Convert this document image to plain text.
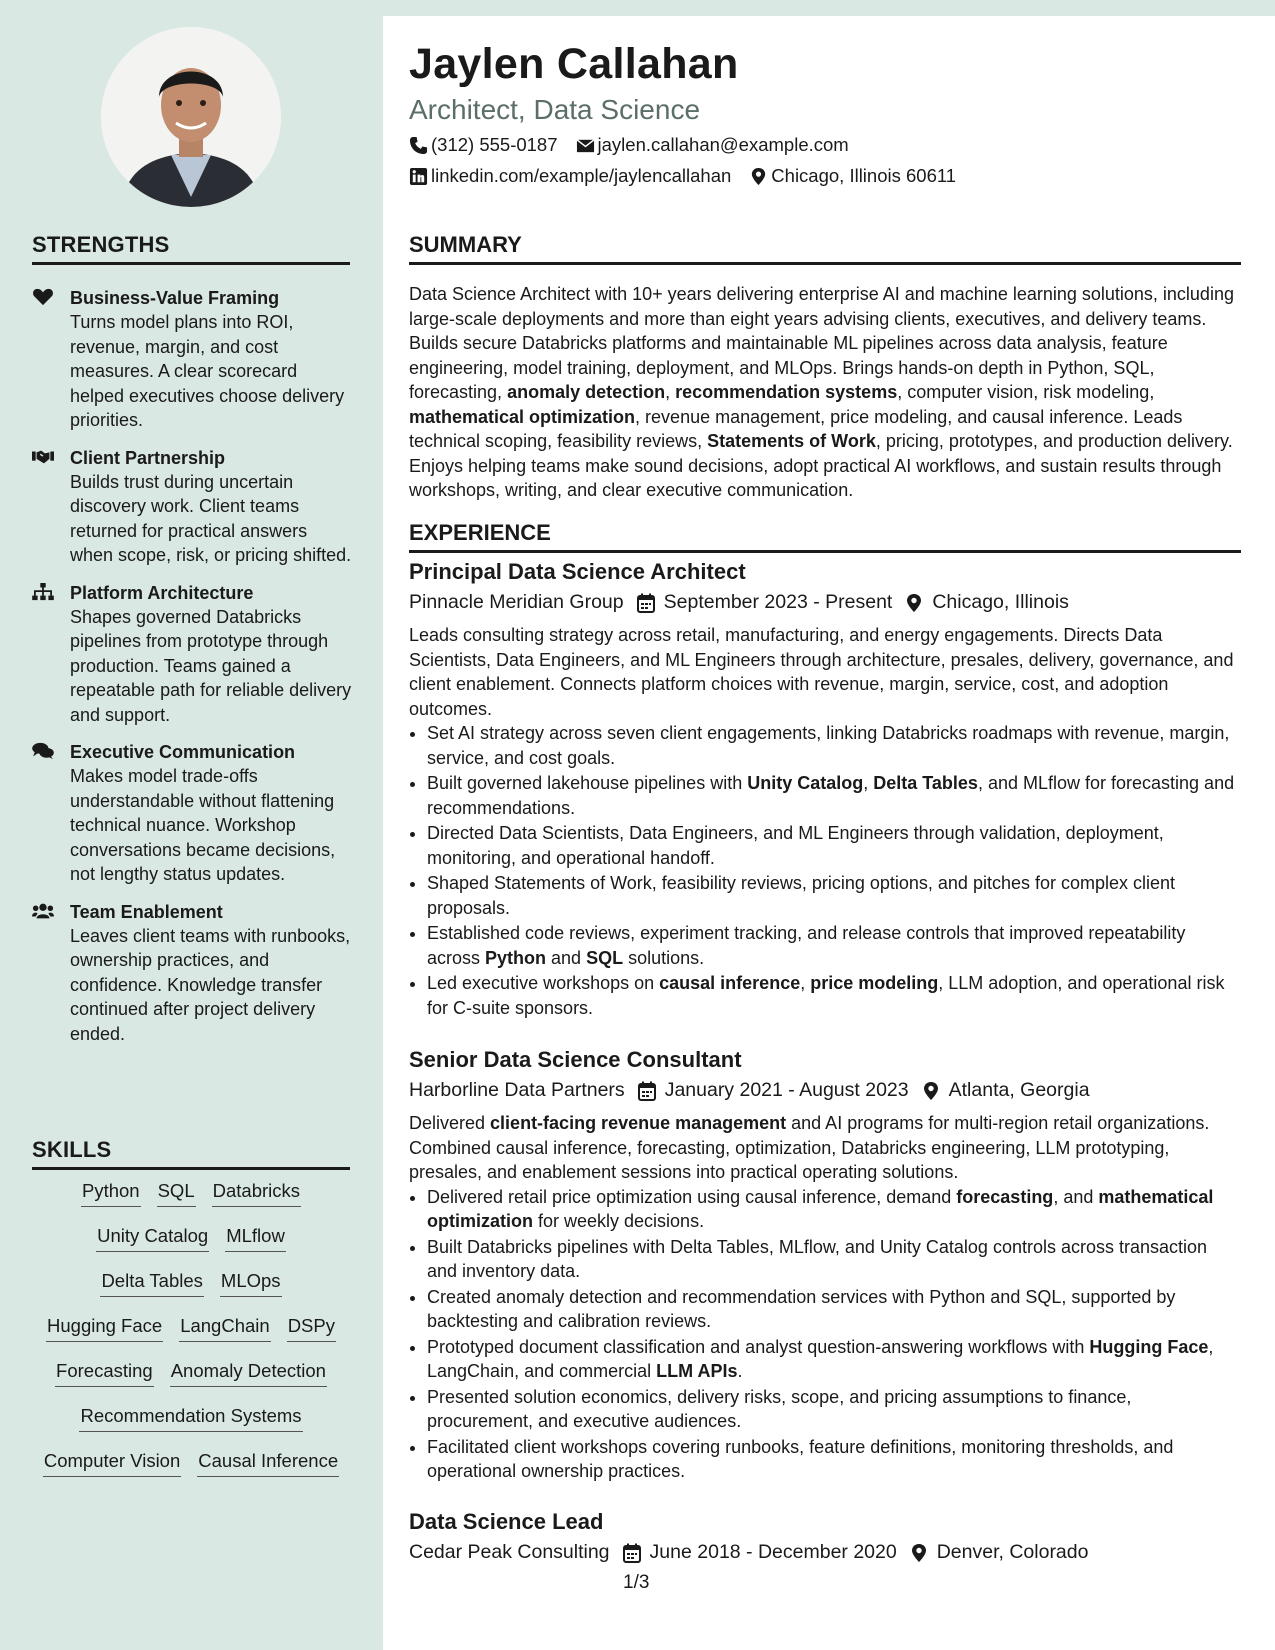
STRENGTHS
Business-Value Framing
Turns model plans into ROI, revenue, margin, and cost measures. A clear scorecard helped executives choose delivery priorities.
Client Partnership
Builds trust during uncertain discovery work. Client teams returned for practical answers when scope, risk, or pricing shifted.
Platform Architecture
Shapes governed Databricks pipelines from prototype through production. Teams gained a repeatable path for reliable delivery and support.
Executive Communication
Makes model trade-offs understandable without flattening technical nuance. Workshop conversations became decisions, not lengthy status updates.
Team Enablement
Leaves client teams with runbooks, ownership practices, and confidence. Knowledge transfer continued after project delivery ended.
SKILLS
Python SQL Databricks
Unity Catalog MLflow
Delta Tables MLOps
Hugging Face LangChain DSPy
Forecasting Anomaly Detection
Recommendation Systems
Computer Vision Causal Inference
Jaylen Callahan
Architect, Data Science
(312) 555-0187 jaylen.callahan@example.com
linkedin.com/example/jaylencallahan Chicago, Illinois 60611
SUMMARY
Data Science Architect with 10+ years delivering enterprise AI and machine learning solutions, including large-scale deployments and more than eight years advising clients, executives, and delivery teams. Builds secure Databricks platforms and maintainable ML pipelines across data analysis, feature engineering, model training, deployment, and MLOps. Brings hands-on depth in Python, SQL, forecasting, anomaly detection, recommendation systems, computer vision, risk modeling, mathematical optimization, revenue management, price modeling, and causal inference. Leads technical scoping, feasibility reviews, Statements of Work, pricing, prototypes, and production delivery. Enjoys helping teams make sound decisions, adopt practical AI workflows, and sustain results through workshops, writing, and clear executive communication.
EXPERIENCE
Principal Data Science Architect
Pinnacle Meridian Group September 2023 - Present Chicago, Illinois
Leads consulting strategy across retail, manufacturing, and energy engagements. Directs Data Scientists, Data Engineers, and ML Engineers through architecture, presales, delivery, governance, and client enablement. Connects platform choices with revenue, margin, service, cost, and adoption outcomes.
• Set AI strategy across seven client engagements, linking Databricks roadmaps with revenue, margin, service, and cost goals.
• Built governed lakehouse pipelines with Unity Catalog, Delta Tables, and MLflow for forecasting and recommendations.
• Directed Data Scientists, Data Engineers, and ML Engineers through validation, deployment, monitoring, and operational handoff.
• Shaped Statements of Work, feasibility reviews, pricing options, and pitches for complex client proposals.
• Established code reviews, experiment tracking, and release controls that improved repeatability across Python and SQL solutions.
• Led executive workshops on causal inference, price modeling, LLM adoption, and operational risk for C-suite sponsors.
Senior Data Science Consultant
Harborline Data Partners January 2021 - August 2023 Atlanta, Georgia
Delivered client-facing revenue management and AI programs for multi-region retail organizations. Combined causal inference, forecasting, optimization, Databricks engineering, LLM prototyping, presales, and enablement sessions into practical operating solutions.
• Delivered retail price optimization using causal inference, demand forecasting, and mathematical optimization for weekly decisions.
• Built Databricks pipelines with Delta Tables, MLflow, and Unity Catalog controls across transaction and inventory data.
• Created anomaly detection and recommendation services with Python and SQL, supported by backtesting and calibration reviews.
• Prototyped document classification and analyst question-answering workflows with Hugging Face, LangChain, and commercial LLM APIs.
• Presented solution economics, delivery risks, scope, and pricing assumptions to finance, procurement, and executive audiences.
• Facilitated client workshops covering runbooks, feature definitions, monitoring thresholds, and operational ownership practices.
Data Science Lead
Cedar Peak Consulting June 2018 - December 2020 Denver, Colorado
1/3
